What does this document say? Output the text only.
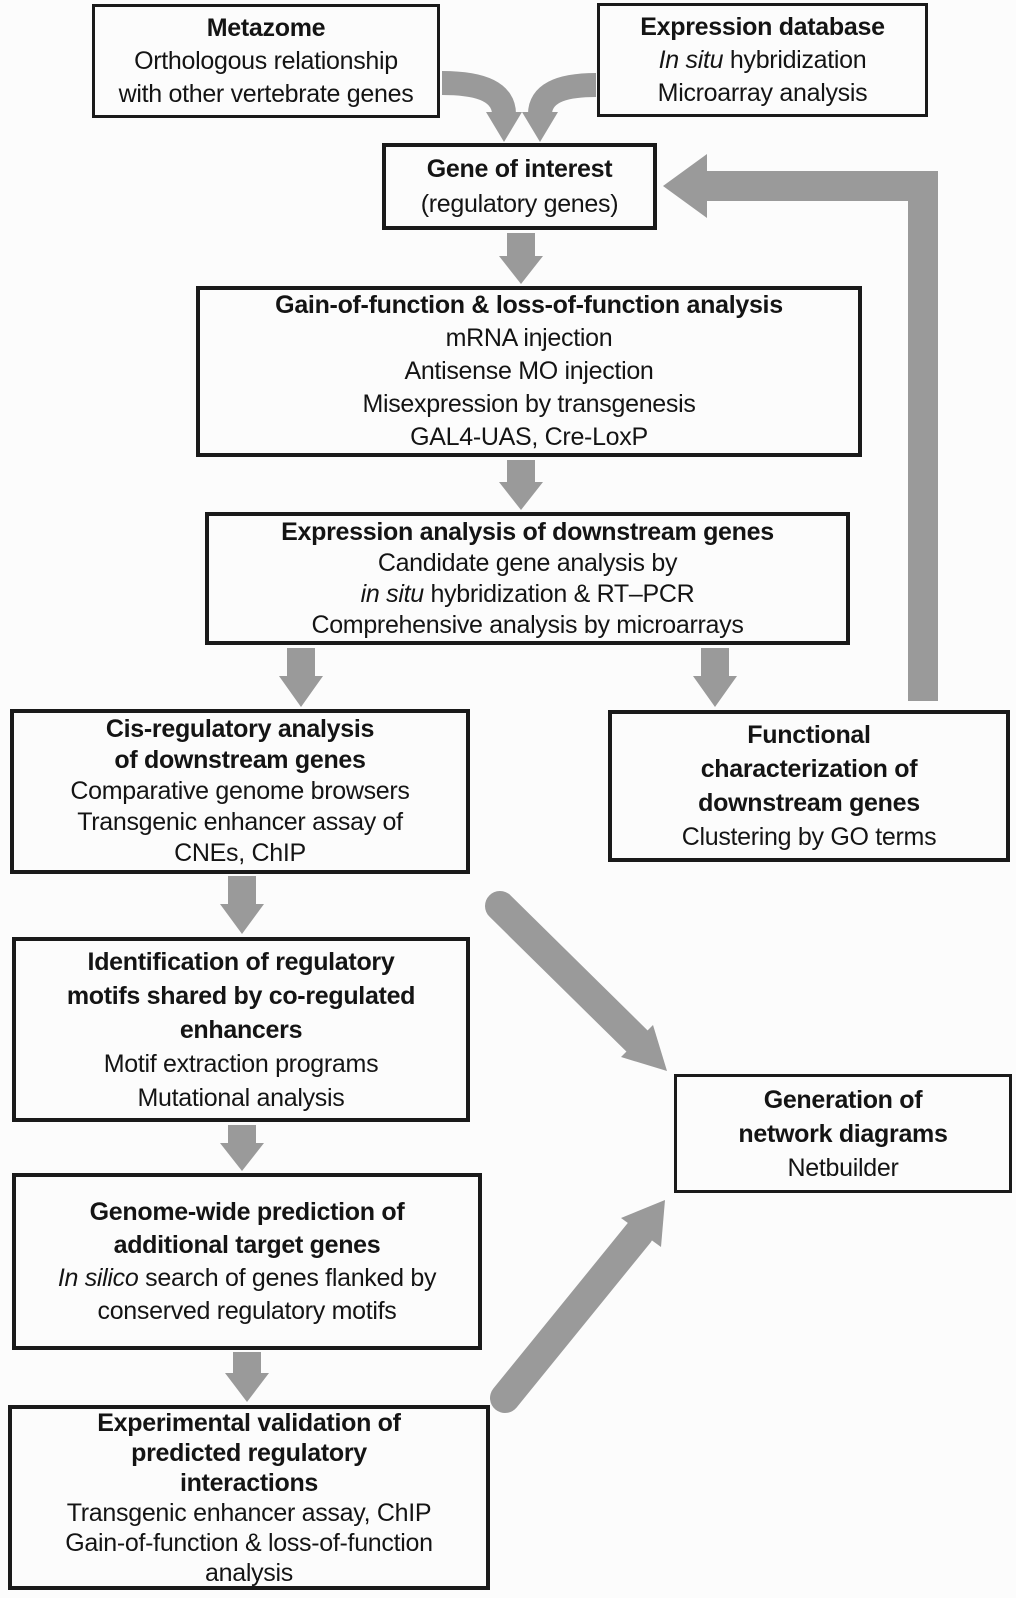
Metazome
Orthologous relationship
with other vertebrate genes
Expression database
In situ hybridization
Microarray analysis
Gene of interest
(regulatory genes)
Gain-of-function & loss-of-function analysis
mRNA injection
Antisense MO injection
Misexpression by transgenesis
GAL4-UAS, Cre-LoxP
Expression analysis of downstream genes
Candidate gene analysis by
in situ hybridization & RT–PCR
Comprehensive analysis by microarrays
Cis-regulatory analysis
of downstream genes
Comparative genome browsers
Transgenic enhancer assay of
CNEs, ChIP
Functional
characterization of
downstream genes
Clustering by GO terms
Identification of regulatory
motifs shared by co-regulated
enhancers
Motif extraction programs
Mutational analysis	Generation of
network diagrams
Netbuilder
Genome-wide prediction of
additional target genes
In silico search of genes flanked by
conserved regulatory motifs
Experimental validation of
predicted regulatory
interactions
Transgenic enhancer assay, ChIP
Gain-of-function & loss-of-function
analysis
